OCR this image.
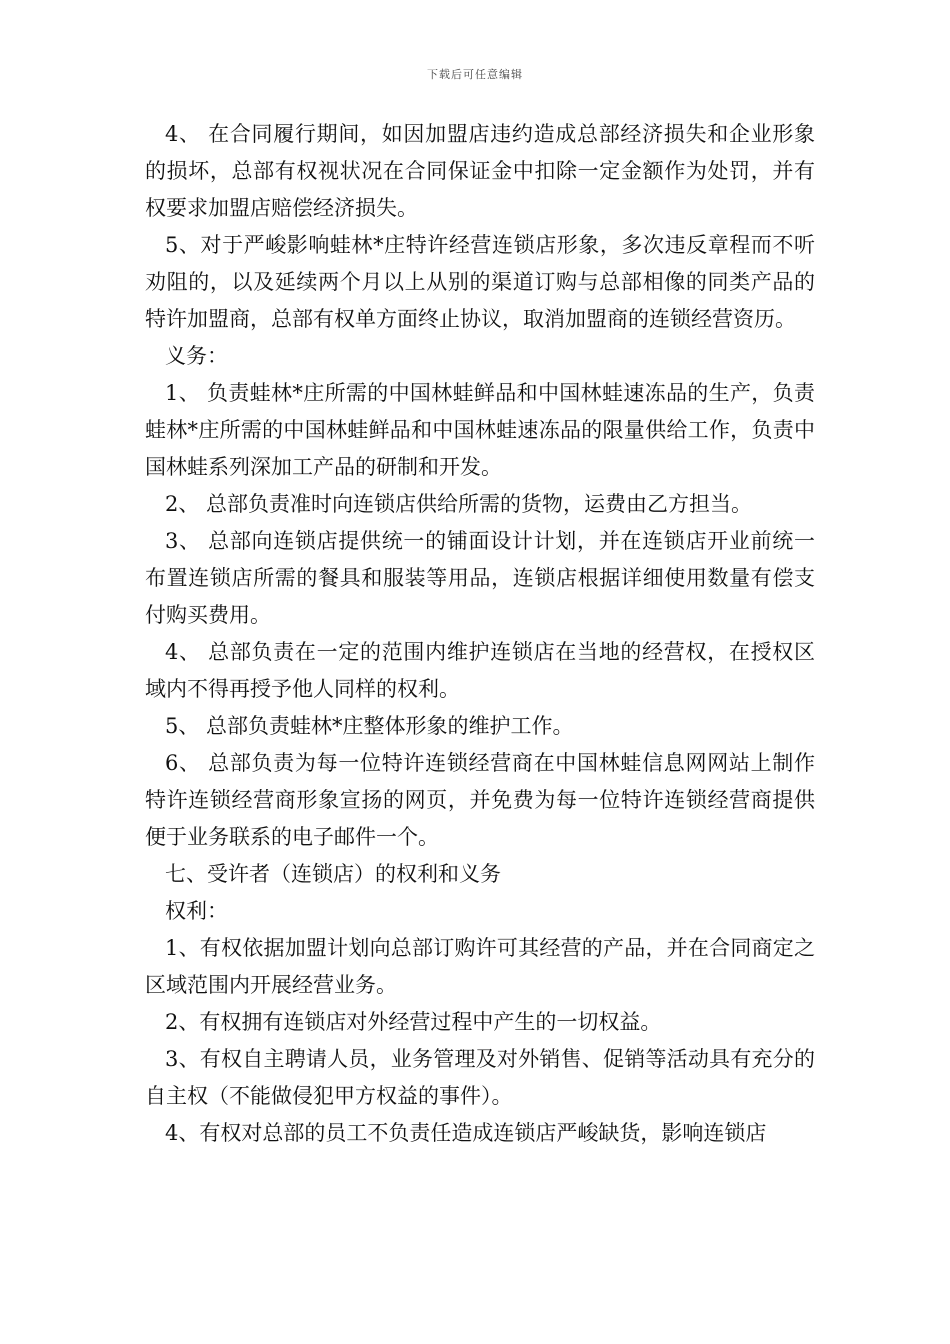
下载后可任意编辑

4、 在合同履行期间，如因加盟店违约造成总部经济损失和企业形象的损坏，总部有权视状况在合同保证金中扣除一定金额作为处罚，并有权要求加盟店赔偿经济损失。

5、对于严峻影响蛙林*庄特许经营连锁店形象，多次违反章程而不听劝阻的，以及延续两个月以上从别的渠道订购与总部相像的同类产品的特许加盟商，总部有权单方面终止协议，取消加盟商的连锁经营资历。

义务：

1、 负责蛙林*庄所需的中国林蛙鲜品和中国林蛙速冻品的生产，负责蛙林*庄所需的中国林蛙鲜品和中国林蛙速冻品的限量供给工作，负责中国林蛙系列深加工产品的研制和开发。

2、 总部负责准时向连锁店供给所需的货物，运费由乙方担当。

3、 总部向连锁店提供统一的铺面设计计划，并在连锁店开业前统一布置连锁店所需的餐具和服装等用品，连锁店根据详细使用数量有偿支付购买费用。

4、 总部负责在一定的范围内维护连锁店在当地的经营权，在授权区域内不得再授予他人同样的权利。

5、 总部负责蛙林*庄整体形象的维护工作。

6、 总部负责为每一位特许连锁经营商在中国林蛙信息网网站上制作特许连锁经营商形象宣扬的网页，并免费为每一位特许连锁经营商提供便于业务联系的电子邮件一个。

七、受许者（连锁店）的权利和义务

权利：

1、有权依据加盟计划向总部订购许可其经营的产品，并在合同商定之区域范围内开展经营业务。

2、有权拥有连锁店对外经营过程中产生的一切权益。

3、有权自主聘请人员，业务管理及对外销售、促销等活动具有充分的自主权（不能做侵犯甲方权益的事件）。

4、有权对总部的员工不负责任造成连锁店严峻缺货，影响连锁店
